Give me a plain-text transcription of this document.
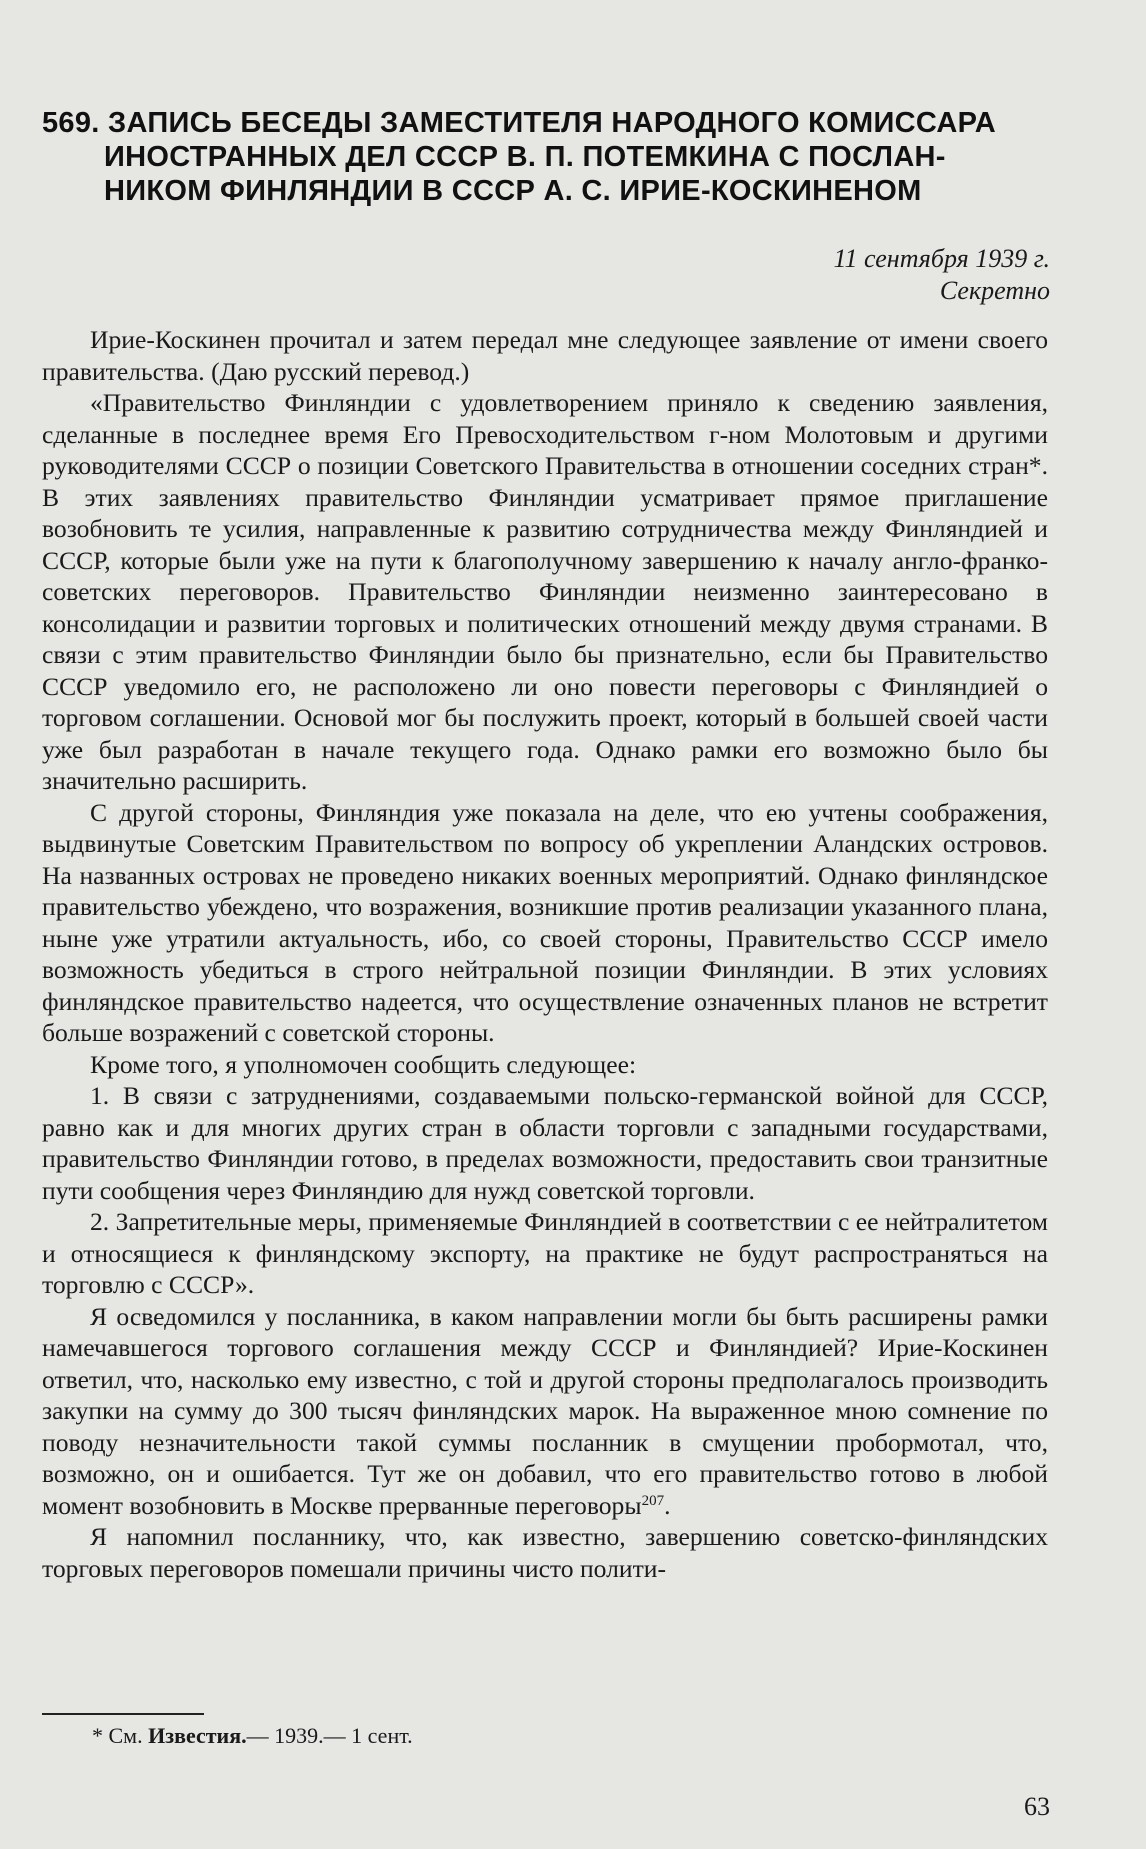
569. ЗАПИСЬ БЕСЕДЫ ЗАМЕСТИТЕЛЯ НАРОДНОГО КОМИССАРА
ИНОСТРАННЫХ ДЕЛ СССР В. П. ПОТЕМКИНА С ПОСЛАН-
НИКОМ ФИНЛЯНДИИ В СССР А. С. ИРИЕ-КОСКИНЕНОМ
11 сентября 1939 г.
Секретно

Ирие-Коскинен прочитал и затем передал мне следующее заявление от имени своего правительства. (Даю русский перевод.)

«Правительство Финляндии с удовлетворением приняло к сведению заявления, сделанные в последнее время Его Превосходительством г-ном Молотовым и другими руководителями СССР о позиции Советского Правительства в отношении соседних стран*. В этих заявлениях правительство Финляндии усматривает прямое приглашение возобновить те усилия, направленные к развитию сотрудничества между Финляндией и СССР, которые были уже на пути к благополучному завершению к началу англо-франко-советских переговоров. Правительство Финляндии неизменно заинтересовано в консолидации и развитии торговых и политических отношений между двумя странами. В связи с этим правительство Финляндии было бы признательно, если бы Правительство СССР уведомило его, не расположено ли оно повести переговоры с Финляндией о торговом соглашении. Основой мог бы послужить проект, который в большей своей части уже был разработан в начале текущего года. Однако рамки его возможно было бы значительно расширить.

С другой стороны, Финляндия уже показала на деле, что ею учтены соображения, выдвинутые Советским Правительством по вопросу об укреплении Аландских островов. На названных островах не проведено никаких военных мероприятий. Однако финляндское правительство убеждено, что возражения, возникшие против реализации указанного плана, ныне уже утратили актуальность, ибо, со своей стороны, Правительство СССР имело возможность убедиться в строго нейтральной позиции Финляндии. В этих условиях финляндское правительство надеется, что осуществление означенных планов не встретит больше возражений с советской стороны.

Кроме того, я уполномочен сообщить следующее:

1. В связи с затруднениями, создаваемыми польско-германской войной для СССР, равно как и для многих других стран в области торговли с западными государствами, правительство Финляндии готово, в пределах возможности, предоставить свои транзитные пути сообщения через Финляндию для нужд советской торговли.

2. Запретительные меры, применяемые Финляндией в соответствии с ее нейтралитетом и относящиеся к финляндскому экспорту, на практике не будут распространяться на торговлю с СССР».

Я осведомился у посланника, в каком направлении могли бы быть расширены рамки намечавшегося торгового соглашения между СССР и Финляндией? Ирие-Коскинен ответил, что, насколько ему известно, с той и другой стороны предполагалось производить закупки на сумму до 300 тысяч финляндских марок. На выраженное мною сомнение по поводу незначительности такой суммы посланник в смущении пробормотал, что, возможно, он и ошибается. Тут же он добавил, что его правительство готово в любой момент возобновить в Москве прерванные переговоры$^{207}$.

Я напомнил посланнику, что, как известно, завершению советско-финляндских торговых переговоров помешали причины чисто полити-

* См. Известия.— 1939.— 1 сент.
63
